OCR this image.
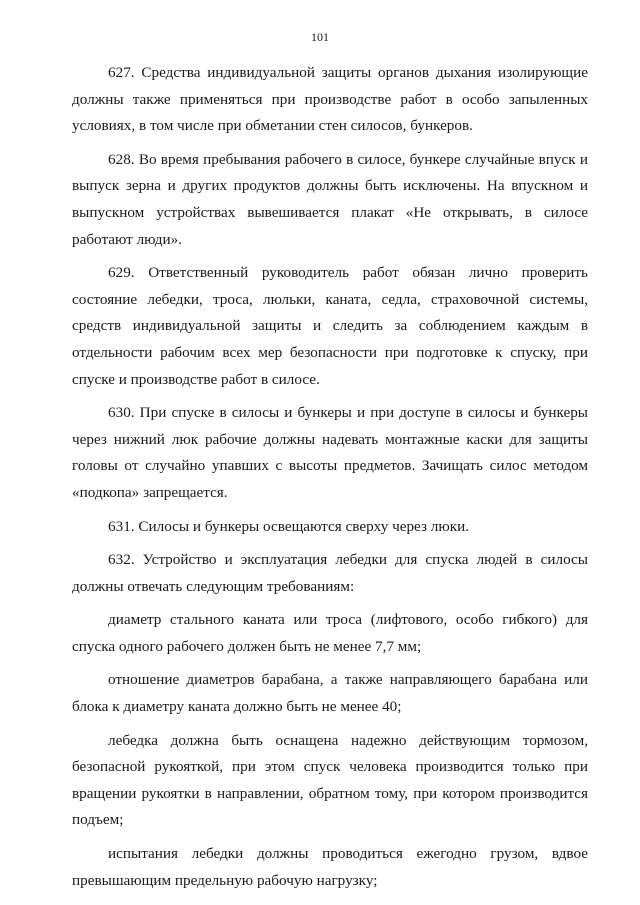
101

627. Средства индивидуальной защиты органов дыхания изолирующие должны также применяться при производстве работ в особо запыленных условиях, в том числе при обметании стен силосов, бункеров.

628. Во время пребывания рабочего в силосе, бункере случайные впуск и выпуск зерна и других продуктов должны быть исключены. На впускном и выпускном устройствах вывешивается плакат «Не открывать, в силосе работают люди».

629. Ответственный руководитель работ обязан лично проверить состояние лебедки, троса, люльки, каната, седла, страховочной системы, средств индивидуальной защиты и следить за соблюдением каждым в отдельности рабочим всех мер безопасности при подготовке к спуску, при спуске и производстве работ в силосе.

630. При спуске в силосы и бункеры и при доступе в силосы и бункеры через нижний люк рабочие должны надевать монтажные каски для защиты головы от случайно упавших с высоты предметов. Зачищать силос методом «подкопа» запрещается.

631. Силосы и бункеры освещаются сверху через люки.

632. Устройство и эксплуатация лебедки для спуска людей в силосы должны отвечать следующим требованиям:

диаметр стального каната или троса (лифтового, особо гибкого) для спуска одного рабочего должен быть не менее 7,7 мм;

отношение диаметров барабана, а также направляющего барабана или блока к диаметру каната должно быть не менее 40;

лебедка должна быть оснащена надежно действующим тормозом, безопасной рукояткой, при этом спуск человека производится только при вращении рукоятки в направлении, обратном тому, при котором производится подъем;

испытания лебедки должны проводиться ежегодно грузом, вдвое превышающим предельную рабочую нагрузку;
